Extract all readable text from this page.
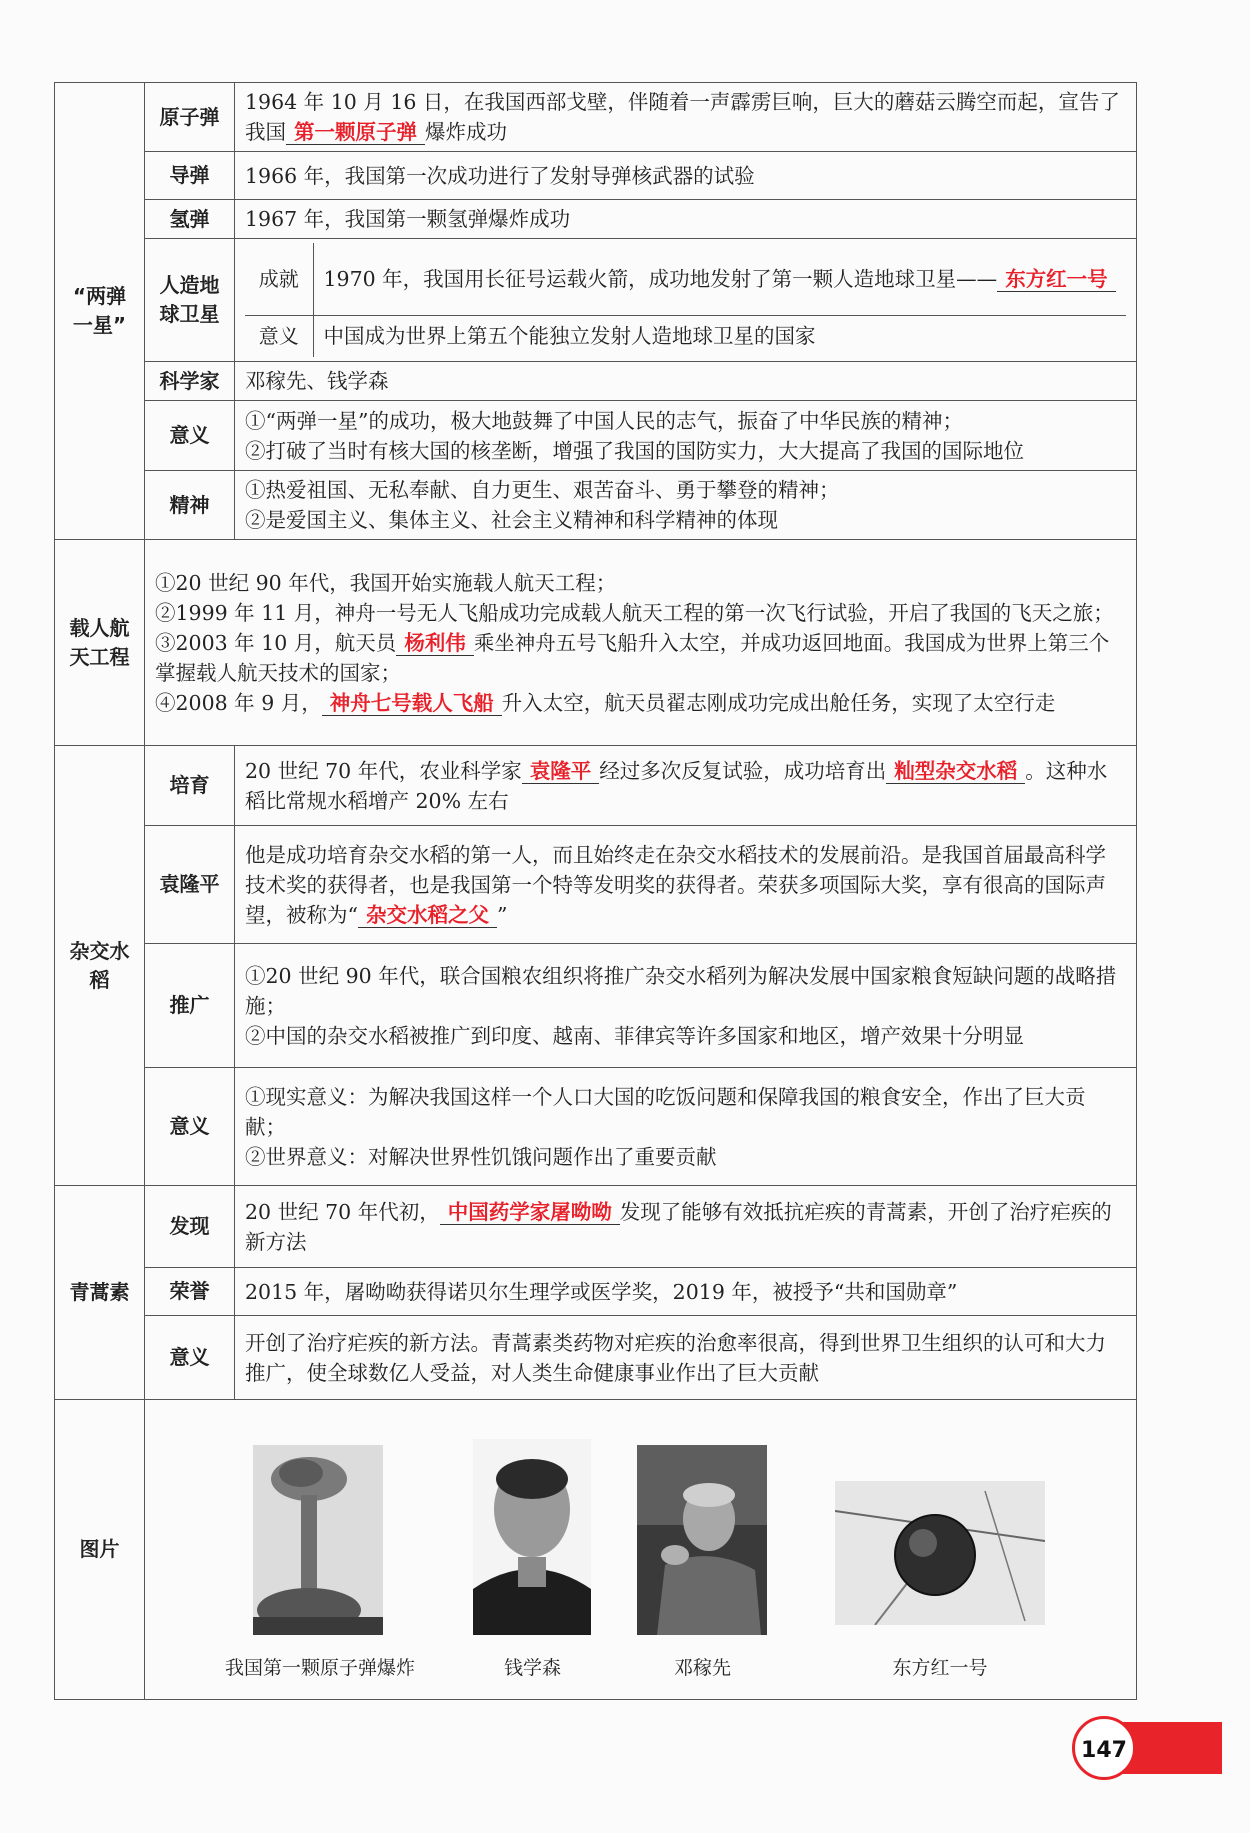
“两弹一星”	原子弹	1964 年 10 月 16 日，在我国西部戈壁，伴随着一声霹雳巨响，巨大的蘑菇云腾空而起，宣告了我国 第一颗原子弹 爆炸成功
导弹	1966 年，我国第一次成功进行了发射导弹核武器的试验
氢弹	1967 年，我国第一颗氢弹爆炸成功
人造地球卫星	
成就	1970 年，我国用长征号运载火箭，成功地发射了第一颗人造地球卫星—— 东方红一号
意义	中国成为世界上第五个能独立发射人造地球卫星的国家

科学家	邓稼先、钱学森
意义	
①“两弹一星”的成功，极大地鼓舞了中国人民的志气，振奋了中华民族的精神；
②打破了当时有核大国的核垄断，增强了我国的国防实力，大大提高了我国的国际地位

精神	
①热爱祖国、无私奉献、自力更生、艰苦奋斗、勇于攀登的精神；
②是爱国主义、集体主义、社会主义精神和科学精神的体现

载人航天工程	
①20 世纪 90 年代，我国开始实施载人航天工程；
②1999 年 11 月，神舟一号无人飞船成功完成载人航天工程的第一次飞行试验，开启了我国的飞天之旅；
③2003 年 10 月，航天员 杨利伟 乘坐神舟五号飞船升入太空，并成功返回地面。我国成为世界上第三个掌握载人航天技术的国家；
④2008 年 9 月， 神舟七号载人飞船 升入太空，航天员翟志刚成功完成出舱任务，实现了太空行走

杂交水稻	培育	20 世纪 70 年代，农业科学家 袁隆平 经过多次反复试验，成功培育出 籼型杂交水稻 。这种水稻比常规水稻增产 20% 左右
袁隆平	他是成功培育杂交水稻的第一人，而且始终走在杂交水稻技术的发展前沿。是我国首届最高科学技术奖的获得者，也是我国第一个特等发明奖的获得者。荣获多项国际大奖，享有很高的国际声望，被称为“ 杂交水稻之父 ”
推广	
①20 世纪 90 年代，联合国粮农组织将推广杂交水稻列为解决发展中国家粮食短缺问题的战略措施；
②中国的杂交水稻被推广到印度、越南、菲律宾等许多国家和地区，增产效果十分明显

意义	
①现实意义：为解决我国这样一个人口大国的吃饭问题和保障我国的粮食安全，作出了巨大贡献；
②世界意义：对解决世界性饥饿问题作出了重要贡献

青蒿素	发现	20 世纪 70 年代初， 中国药学家屠呦呦 发现了能够有效抵抗疟疾的青蒿素，开创了治疗疟疾的新方法
荣誉	2015 年，屠呦呦获得诺贝尔生理学或医学奖，2019 年，被授予“共和国勋章”
意义	开创了治疗疟疾的新方法。青蒿素类药物对疟疾的治愈率很高，得到世界卫生组织的认可和大力推广，使全球数亿人受益，对人类生命健康事业作出了巨大贡献
图片	
我国第一颗原子弹爆炸	钱学森	邓稼先	东方红一号
147
